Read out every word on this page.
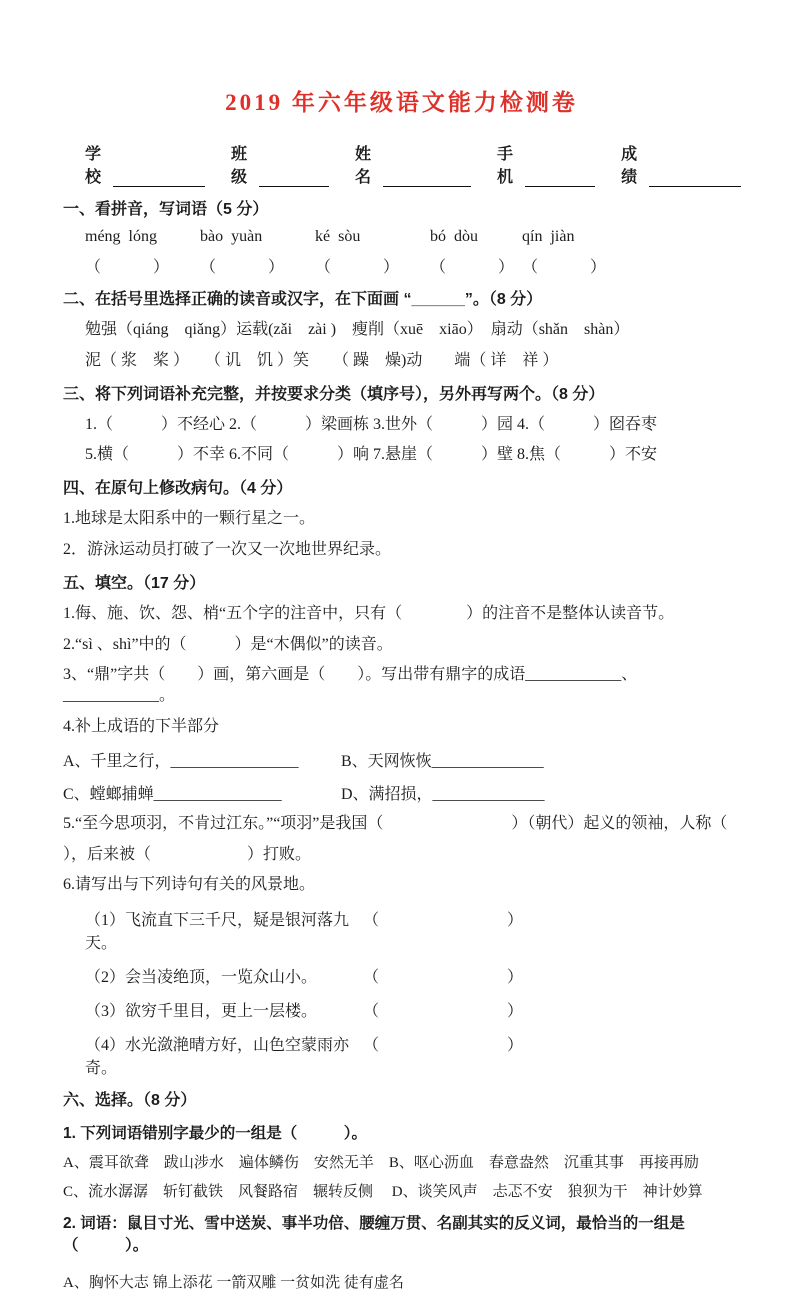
2019 年六年级语文能力检测卷
学校
班级
姓名
手机
成绩
一、看拼音，写词语（5 分）
méng  lóng
（　　　）
bào  yuàn
（　　　）
ké  sòu
（　　　）
bó  dòu
（　　　）
qín  jiàn
（　　　）
二、在括号里选择正确的读音或汉字，在下面画 “______”。（8 分）

勉强（qiáng　qiǎng）运载(zǎi　zài )　瘦削（xuē　xiāo）　扇动（shǎn　shàn）

泥（ 浆　桨 ）　　（ 讥　饥 ）笑　　（ 躁　燥)动　　端（ 详　祥 ）

三、将下列词语补充完整，并按要求分类（填序号），另外再写两个。（8 分）

1.（　　　）不经心 2.（　　　）梁画栋 3.世外（　　　）园 4.（　　　）囵吞枣

5.横（　　　）不幸 6.不同（　　　）响 7.悬崖（　　　）壁 8.焦（　　　）不安

四、在原句上修改病句。（4 分）

1.地球是太阳系中的一颗行星之一。

2．游泳运动员打破了一次又一次地世界纪录。

五、填空。（17 分）

1.侮、施、饮、怨、梢“五个字的注音中，只有（　　　　）的注音不是整体认读音节。

2.“sì 、shì”中的（　　　）是“木偶似”的读音。

3、“鼎”字共（　　）画，第六画是（　　）。写出带有鼎字的成语____________、____________。

4.补上成语的下半部分

A、千里之行，________________	B、天网恢恢______________
C、螳螂捕蝉________________	D、满招损，______________

5.“至今思项羽，不肯过江东。”“项羽”是我国（　　　　　　　　）（朝代）起义的领袖，人称（

），后来被（　　　　　　）打败。

6.请写出与下列诗句有关的风景地。

（1）飞流直下三千尺，疑是银河落九天。
（　　　　　　　　）
（2）会当凌绝顶，一览众山小。	（　　　　　　　　）
（3）欲穷千里目，更上一层楼。	（　　　　　　　　）
（4）水光潋滟晴方好，山色空蒙雨亦奇。
（　　　　　　　　）
六、选择。（8 分）
1. 下列词语错别字最少的一组是（　　　）。

A、震耳欲聋　跋山涉水　遍体鳞伤　安然无羊　B、呕心沥血　春意盎然　沉重其事　再接再励

C、流水潺潺　斩钉截铁　风餐路宿　辗转反侧　 D、谈笑风声　忐忑不安　狼狈为干　神计妙算

2. 词语：鼠目寸光、雪中送炭、事半功倍、腰缠万贯、名副其实的反义词，最恰当的一组是（　　　）。

A、胸怀大志 锦上添花 一箭双雕 一贫如洗 徒有虚名
